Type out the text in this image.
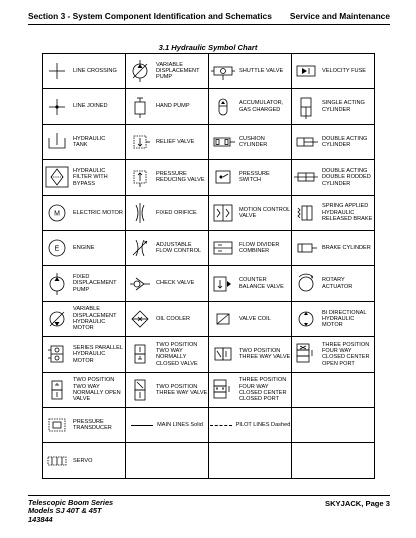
Section 3 - System Component Identification and Schematics Service and Maintenance
3.1 Hydraulic Symbol Chart
LINE CROSSING	VARIABLE DISPLACEMENT PUMP	SHUTTLE VALVE	VELOCITY FUSE

LINE JOINED	HAND PUMP	ACCUMULATOR, GAS CHARGED	SINGLE ACTING CYLINDER

HYDRAULIC
TANK	RELIEF VALVE	CUSHION CYLINDER	DOUBLE ACTING CYLINDER

HYDRAULIC FILTER WITH BYPASS	PRESSURE REDUCING VALVE	PRESSURE SWITCH	DOUBLE ACTING DOUBLE RODDED CYLINDER

M ELECTRIC MOTOR	FIXED ORIFICE	MOTION CONTROL VALVE	SPRING APPLIED HYDRAULIC RELEASED BRAKE

E ENGINE	ADJUSTABLE FLOW CONTROL	FLOW DIVIDER COMBINER	BRAKE CYLINDER

FIXED DISPLACEMENT PUMP	CHECK VALVE	COUNTER BALANCE VALVE	ROTARY ACTUATOR

VARIABLE DISPLACEMENT HYDRAULIC MOTOR	OIL COOLER	VALVE COIL	BI DIRECTIONAL HYDRAULIC MOTOR

SERIES PARALLEL HYDRAULIC MOTOR	TWO POSITION TWO WAY NORMALLY CLOSED VALVE	TWO POSITION THREE WAY VALVE	THREE POSITION FOUR WAY CLOSED CENTER OPEN PORT

TWO POSITION TWO WAY NORMALLY OPEN VALVE	TWO POSITION THREE WAY VALVE	THREE POSITION FOUR WAY CLOSED CENTER CLOSED PORT	

PRESSURE TRANSDUCER	MAIN LINES Solid	PILOT LINES Dashed	

SERVO			

Telescopic Boom Series
Models SJ 40T & 45T
143844
SKYJACK, Page 3
